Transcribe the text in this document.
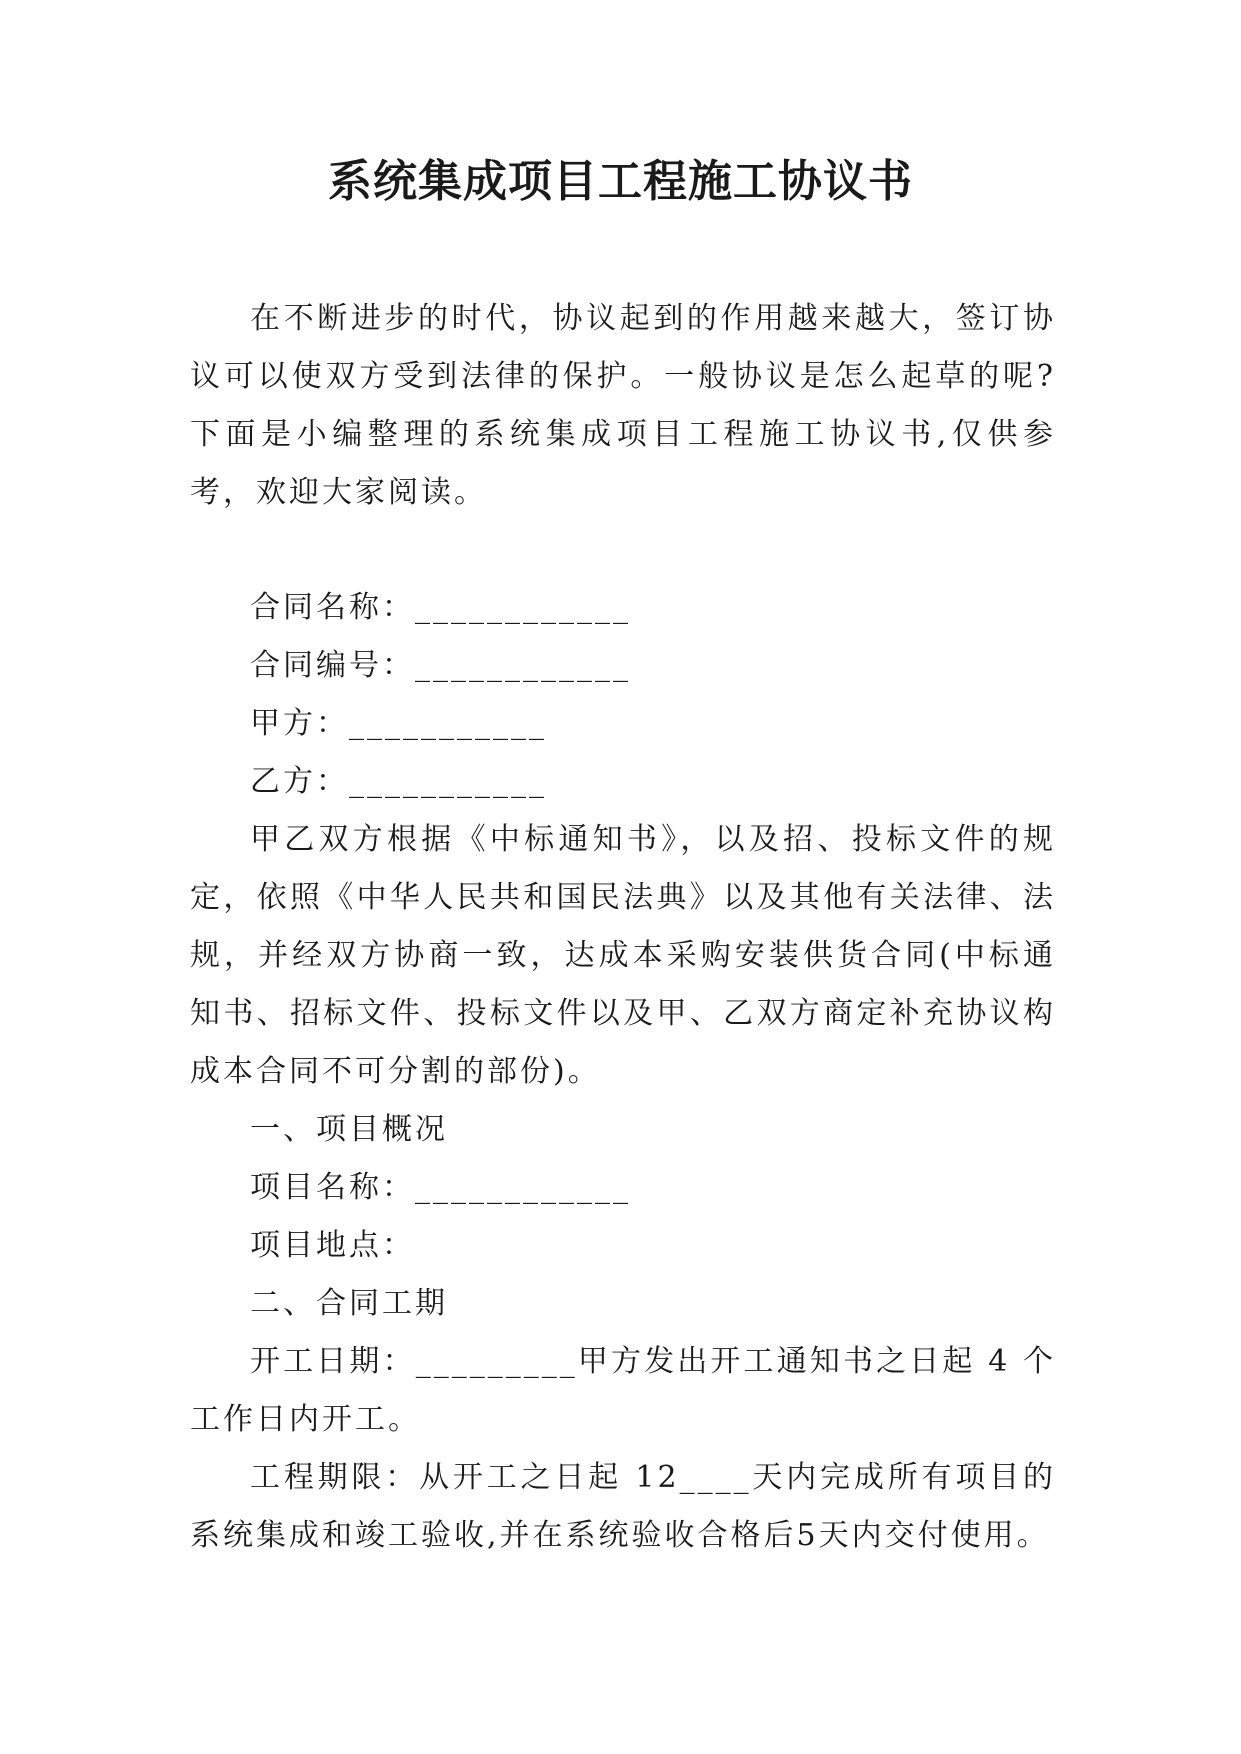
系统集成项目工程施工协议书

在不断进步的时代，协议起到的作用越来越大，签订协议可以使双方受到法律的保护。一般协议是怎么起草的呢?下面是小编整理的系统集成项目工程施工协议书,仅供参考，欢迎大家阅读。

合同名称：____________

合同编号：____________

甲方：___________

乙方：___________

甲乙双方根据《中标通知书》，以及招、投标文件的规定，依照《中华人民共和国民法典》以及其他有关法律、法规，并经双方协商一致，达成本采购安装供货合同(中标通知书、招标文件、投标文件以及甲、乙双方商定补充协议构成本合同不可分割的部份)。

一、项目概况

项目名称：____________

项目地点：

二、合同工期

开工日期：_________甲方发出开工通知书之日起 4 个工作日内开工。

工程期限：从开工之日起 12____天内完成所有项目的系统集成和竣工验收,并在系统验收合格后5天内交付使用。
